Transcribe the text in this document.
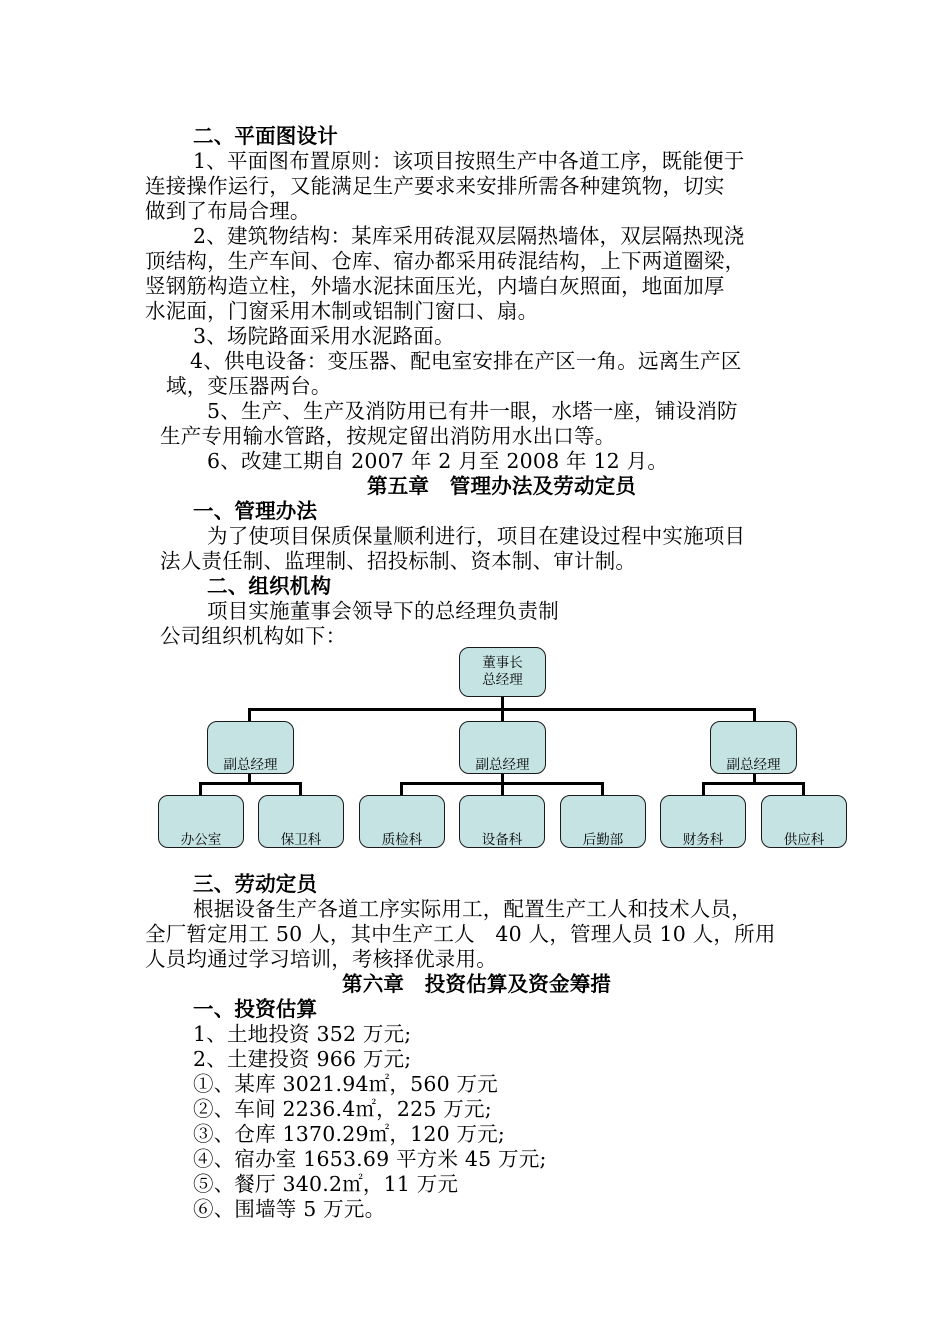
二、平面图设计
1、平面图布置原则：该项目按照生产中各道工序，既能便于
连接操作运行，又能满足生产要求来安排所需各种建筑物，切实
做到了布局合理。
2、建筑物结构：某库采用砖混双层隔热墙体，双层隔热现浇
顶结构，生产车间、仓库、宿办都采用砖混结构，上下两道圈梁，
竖钢筋构造立柱，外墙水泥抹面压光，内墙白灰照面，地面加厚
水泥面，门窗采用木制或铝制门窗口、扇。
3、场院路面采用水泥路面。
4、供电设备：变压器、配电室安排在产区一角。远离生产区
域，变压器两台。
5、生产、生产及消防用已有井一眼，水塔一座，铺设消防
生产专用输水管路，按规定留出消防用水出口等。
6、改建工期自 2007 年 2 月至 2008 年 12 月。
第五章　管理办法及劳动定员
一、管理办法
为了使项目保质保量顺利进行，项目在建设过程中实施项目
法人责任制、监理制、招投标制、资本制、审计制。
二、组织机构
项目实施董事会领导下的总经理负责制
公司组织机构如下：
董事长
总经理
副总经理	副总经理	副总经理
办公室	保卫科	质检科	设备科	后勤部	财务科	供应科
三、劳动定员
根据设备生产各道工序实际用工，配置生产工人和技术人员，
全厂暂定用工 50 人，其中生产工人　40 人，管理人员 10 人，所用
人员均通过学习培训，考核择优录用。
第六章　投资估算及资金筹措
一、投资估算
1、土地投资 352 万元;
2、土建投资 966 万元;
①、某库 3021.94㎡，560 万元
②、车间 2236.4㎡，225 万元;
③、仓库 1370.29㎡，120 万元;
④、宿办室 1653.69 平方米 45 万元;
⑤、餐厅 340.2㎡，11 万元
⑥、围墙等 5 万元。
